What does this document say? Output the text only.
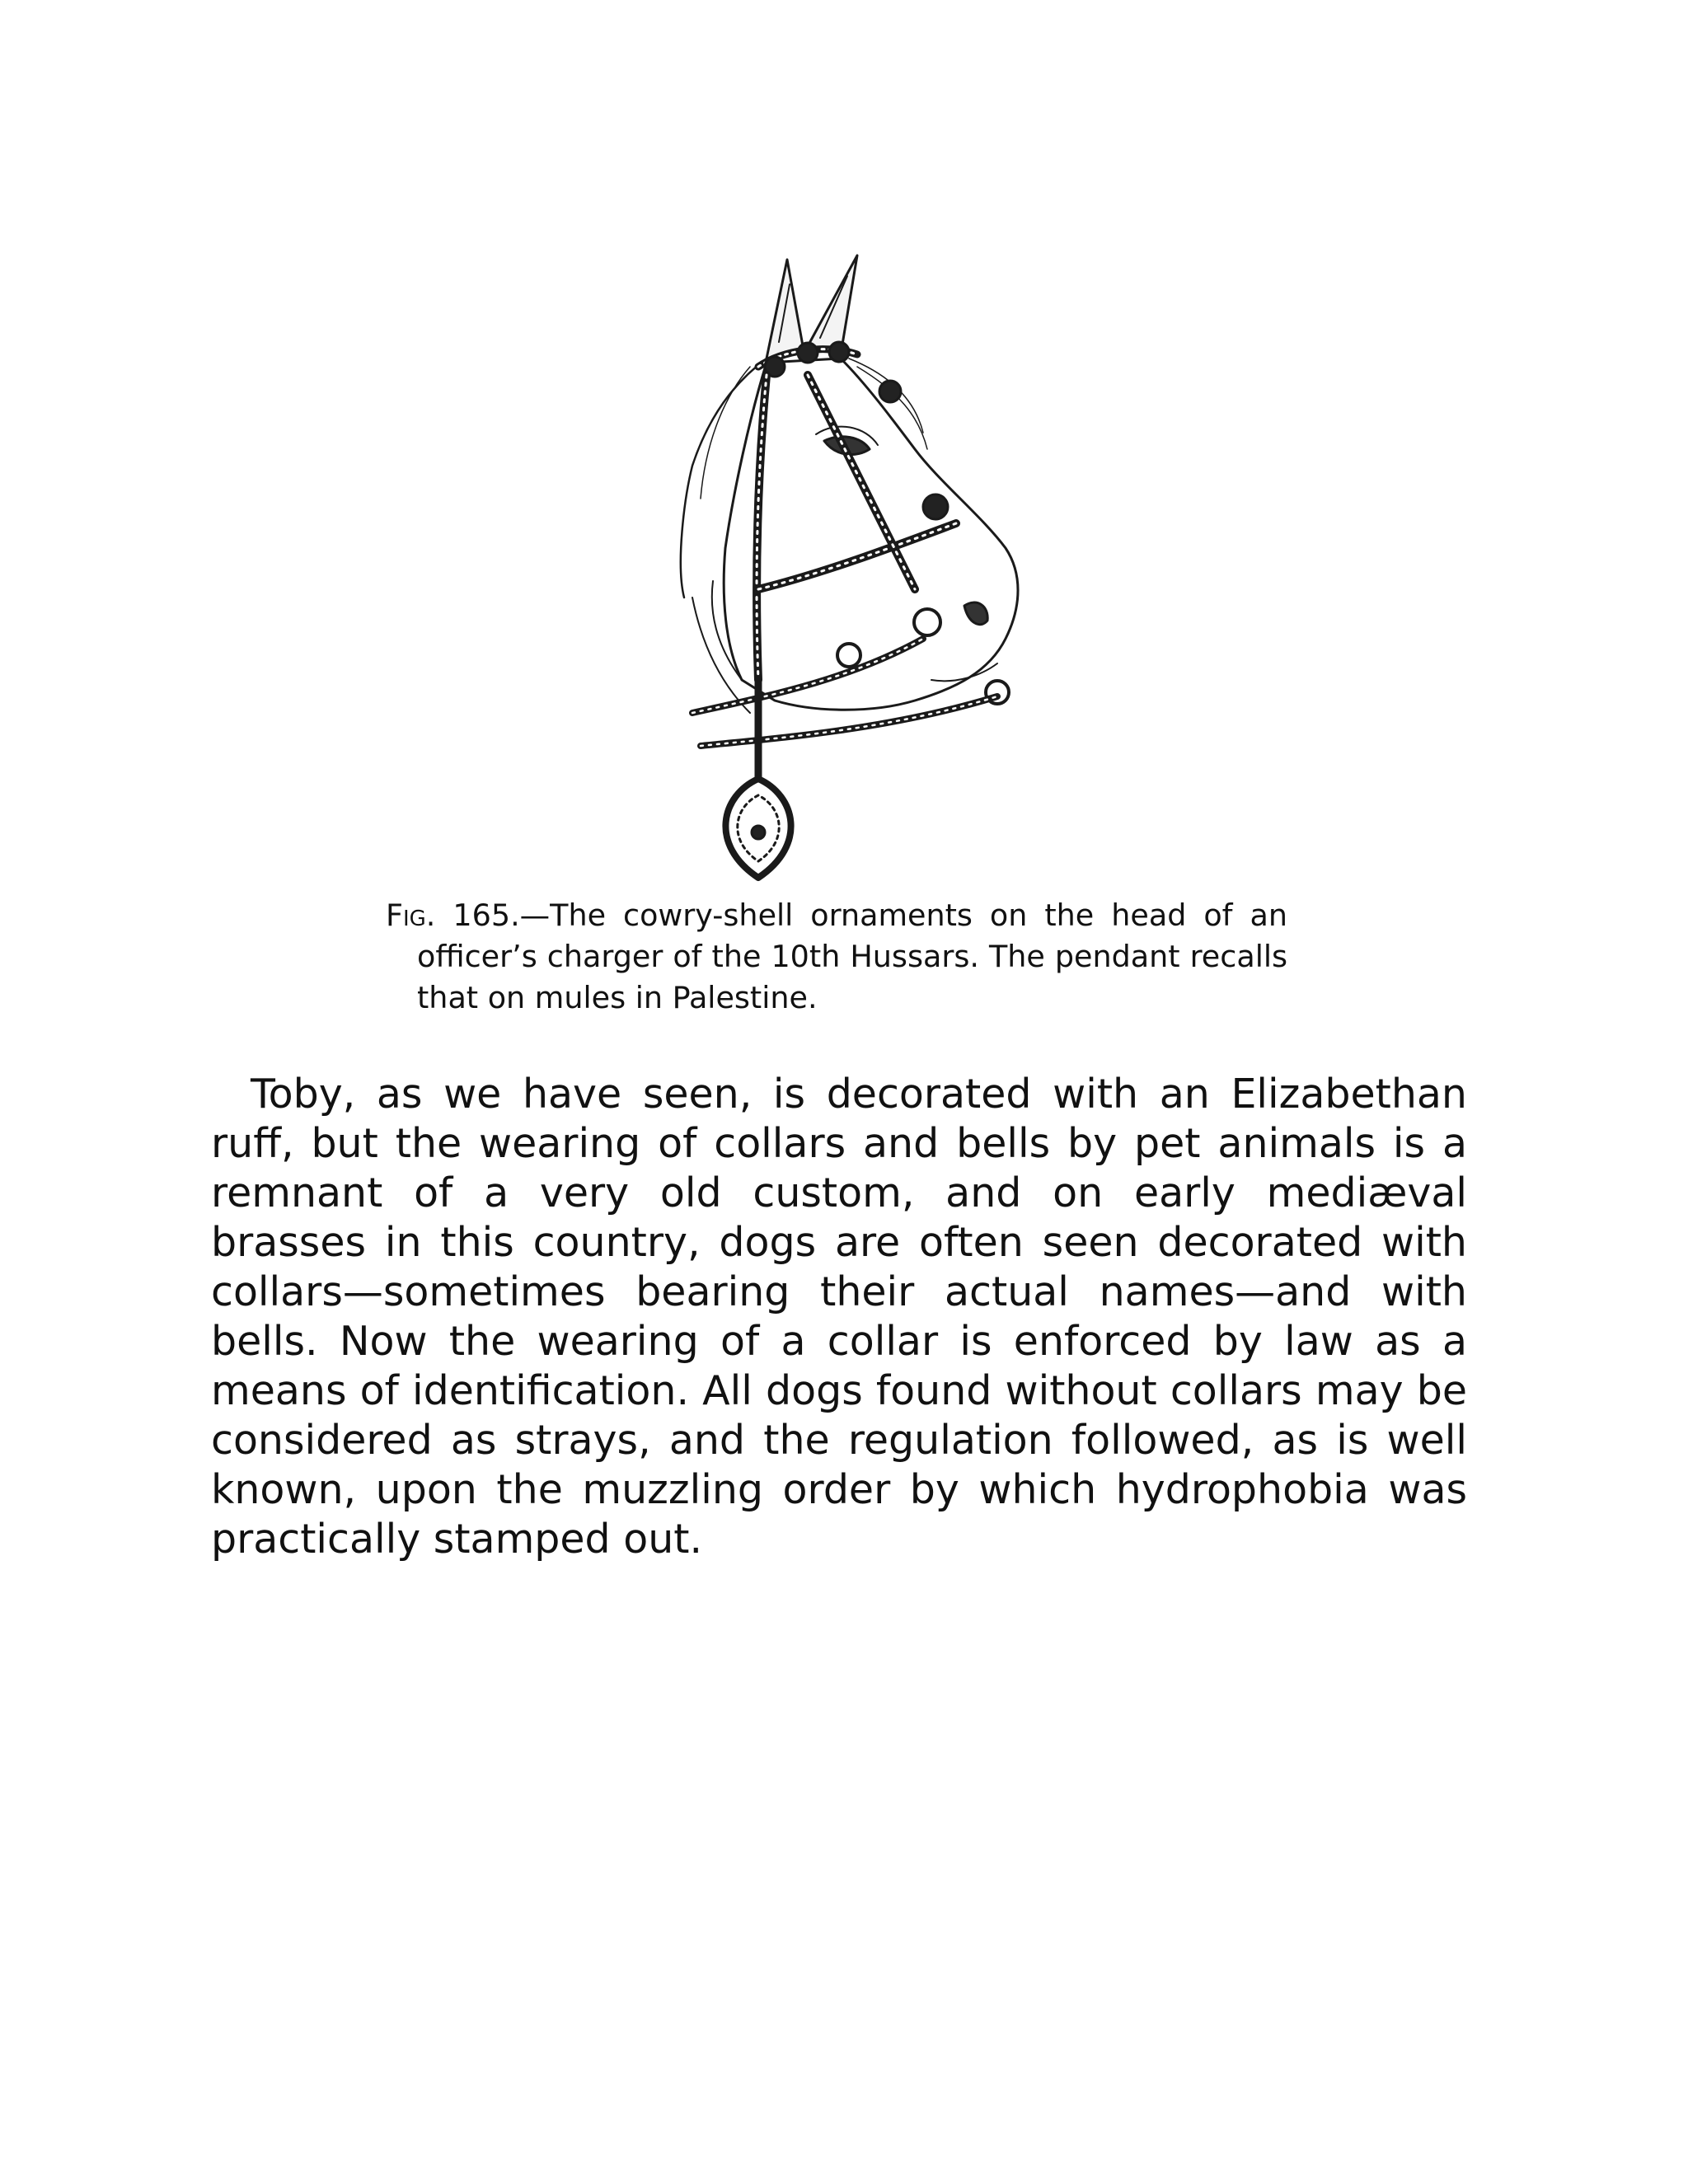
Fig. 165.—The cowry-shell ornaments on the head of an officer’s charger of the 10th Hussars. The pendant recalls that on mules in Palestine.

Toby, as we have seen, is decorated with an Elizabethan ruff, but the wearing of collars and bells by pet animals is a remnant of a very old custom, and on early mediæval brasses in this country, dogs are often seen decorated with collars—sometimes bearing their actual names—and with bells. Now the wearing of a collar is enforced by law as a means of identification. All dogs found without collars may be considered as strays, and the regulation followed, as is well known, upon the muzzling order by which hydrophobia was practically stamped out.
